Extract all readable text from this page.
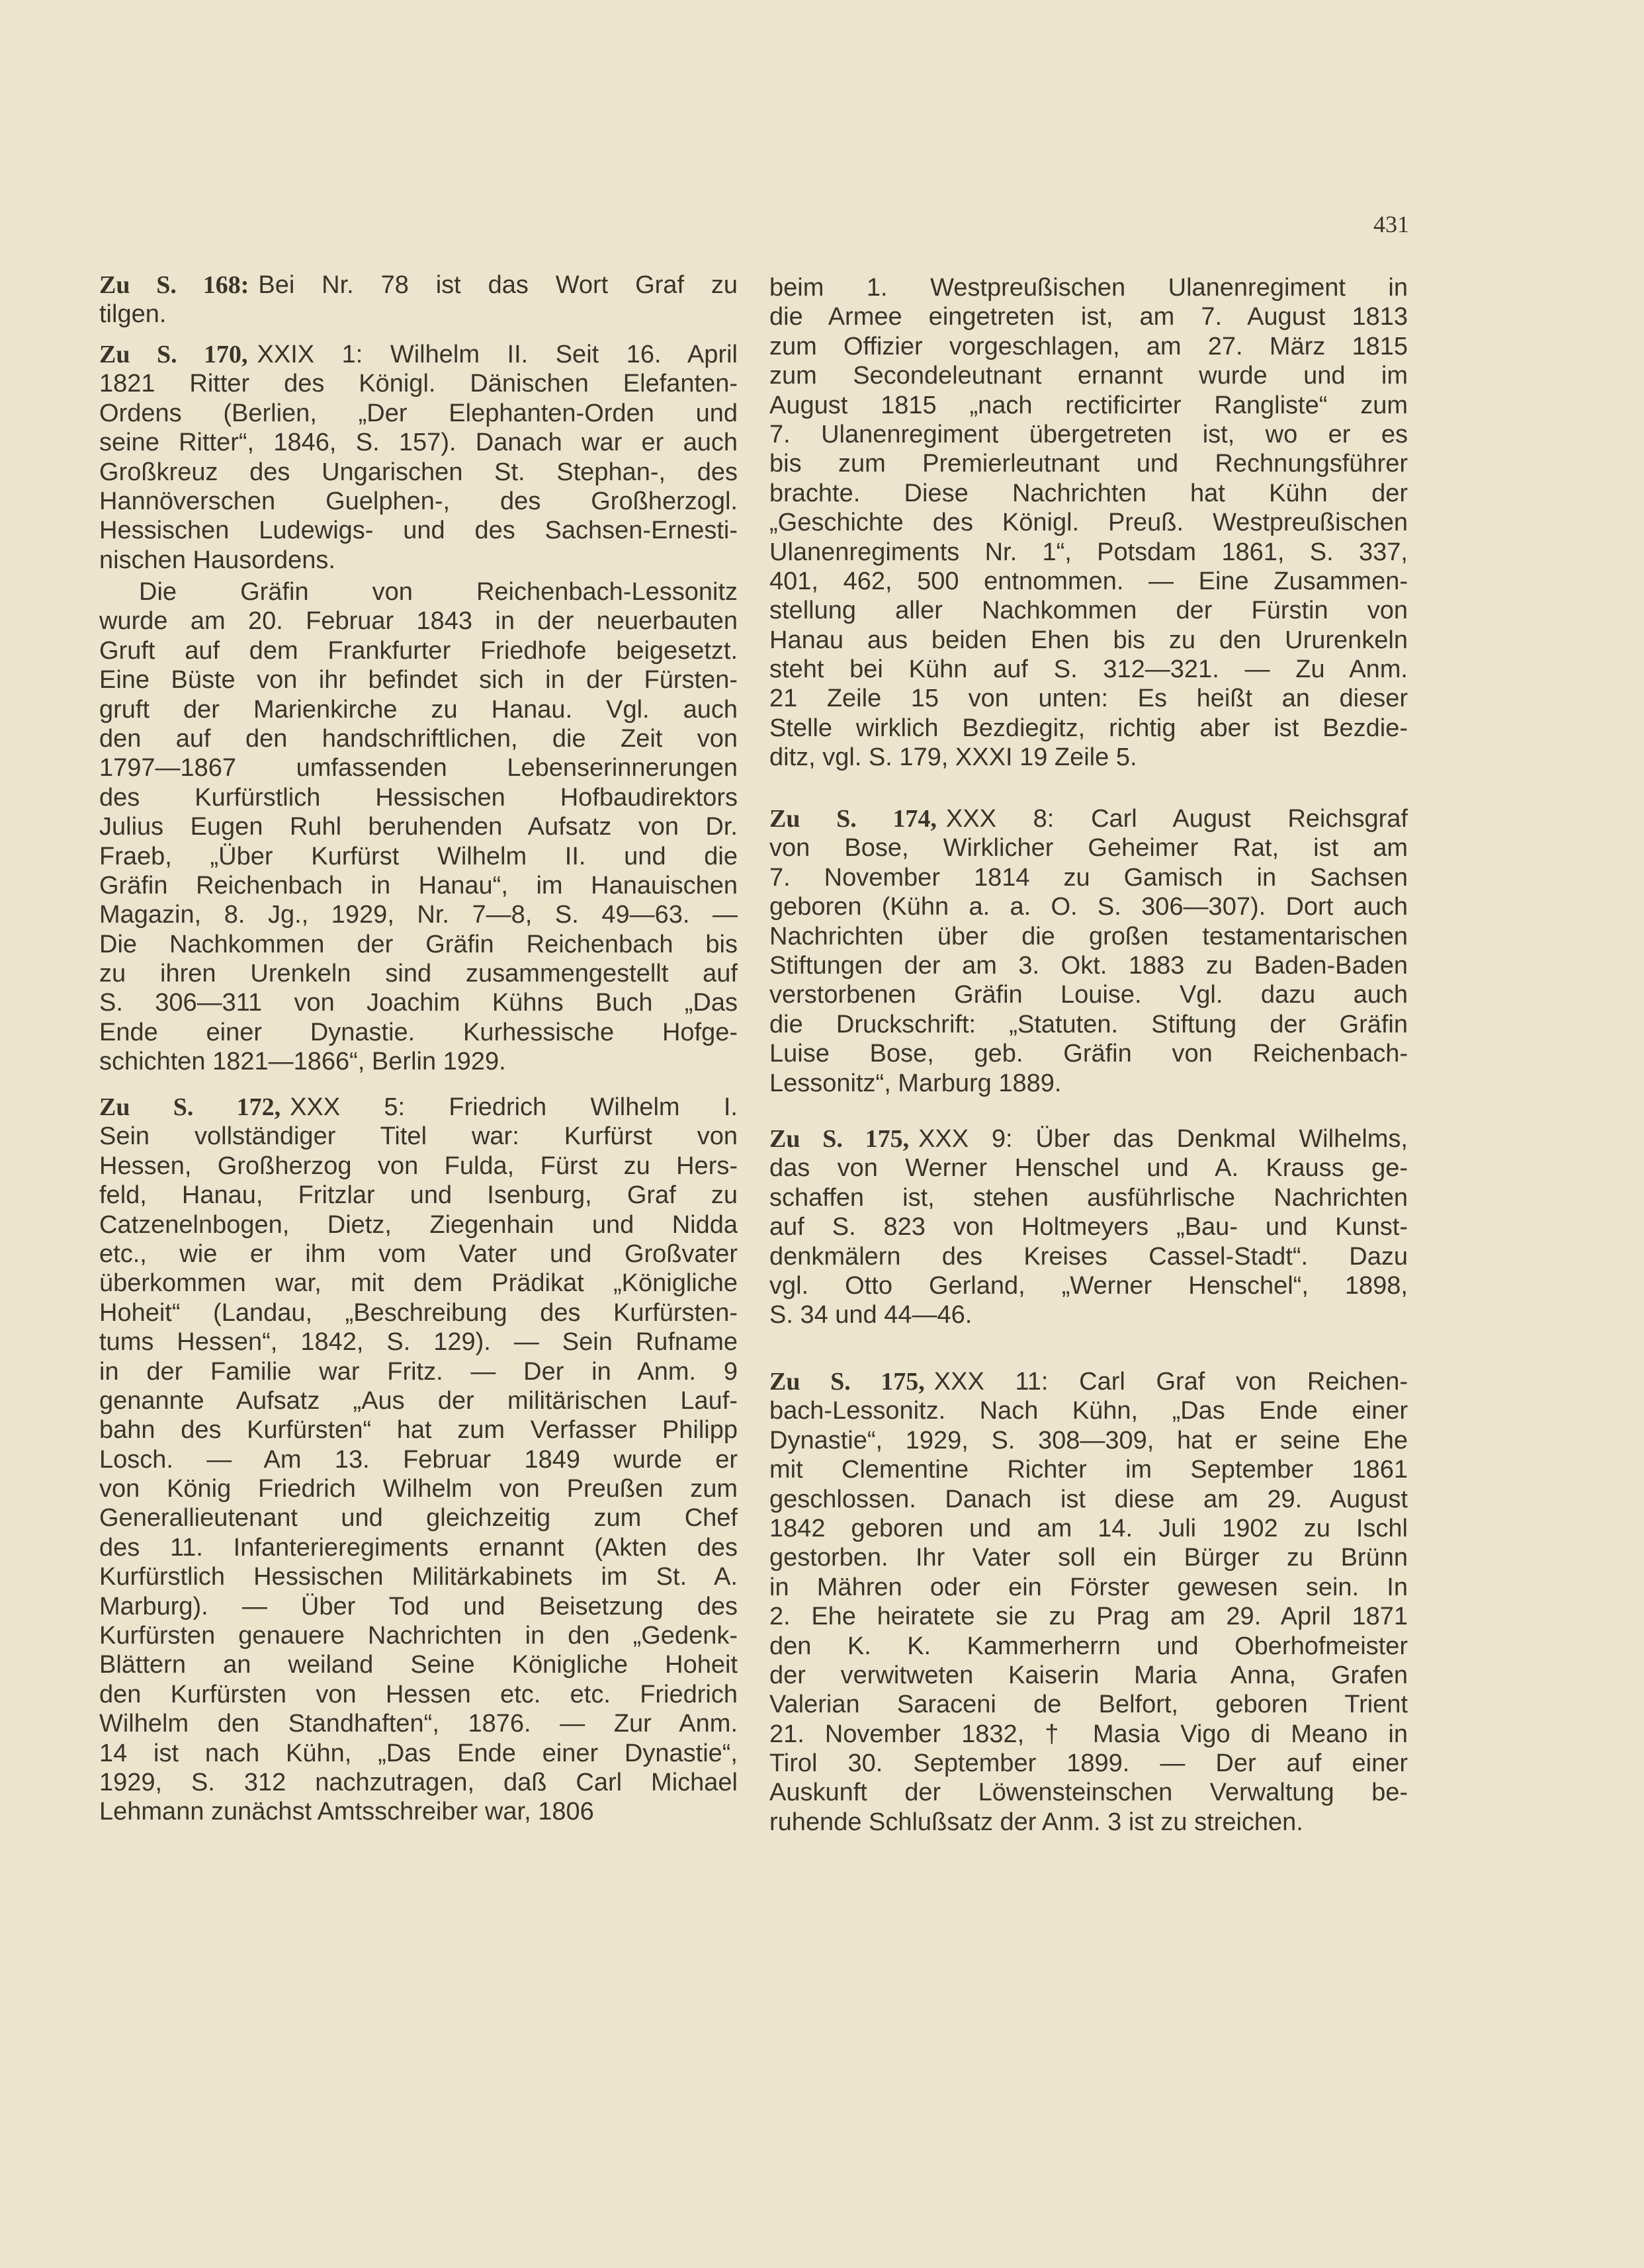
431
Zu S. 168: Bei Nr. 78 ist das Wort Graf zu
tilgen.
Zu S. 170, XXIX 1: Wilhelm II. Seit 16. April
1821 Ritter des Königl. Dänischen Elefanten-
Ordens (Berlien, „Der Elephanten-Orden und
seine Ritter“, 1846, S. 157). Danach war er auch
Großkreuz des Ungarischen St. Stephan-, des
Hannöverschen Guelphen-, des Großherzogl.
Hessischen Ludewigs- und des Sachsen-Ernesti-
nischen Hausordens.
Die Gräfin von Reichenbach-Lessonitz
wurde am 20. Februar 1843 in der neuerbauten
Gruft auf dem Frankfurter Friedhofe beigesetzt.
Eine Büste von ihr befindet sich in der Fürsten-
gruft der Marienkirche zu Hanau. Vgl. auch
den auf den handschriftlichen, die Zeit von
1797—1867 umfassenden Lebenserinnerungen
des Kurfürstlich Hessischen Hofbaudirektors
Julius Eugen Ruhl beruhenden Aufsatz von Dr.
Fraeb, „Über Kurfürst Wilhelm II. und die
Gräfin Reichenbach in Hanau“, im Hanauischen
Magazin, 8. Jg., 1929, Nr. 7—8, S. 49—63. —
Die Nachkommen der Gräfin Reichenbach bis
zu ihren Urenkeln sind zusammengestellt auf
S. 306—311 von Joachim Kühns Buch „Das
Ende einer Dynastie. Kurhessische Hofge-
schichten 1821—1866“, Berlin 1929.
Zu S. 172, XXX 5: Friedrich Wilhelm I.
Sein vollständiger Titel war: Kurfürst von
Hessen, Großherzog von Fulda, Fürst zu Hers-
feld, Hanau, Fritzlar und Isenburg, Graf zu
Catzenelnbogen, Dietz, Ziegenhain und Nidda
etc., wie er ihm vom Vater und Großvater
überkommen war, mit dem Prädikat „Königliche
Hoheit“ (Landau, „Beschreibung des Kurfürsten-
tums Hessen“, 1842, S. 129). — Sein Rufname
in der Familie war Fritz. — Der in Anm. 9
genannte Aufsatz „Aus der militärischen Lauf-
bahn des Kurfürsten“ hat zum Verfasser Philipp
Losch. — Am 13. Februar 1849 wurde er
von König Friedrich Wilhelm von Preußen zum
Generallieutenant und gleichzeitig zum Chef
des 11. Infanterieregiments ernannt (Akten des
Kurfürstlich Hessischen Militärkabinets im St. A.
Marburg). — Über Tod und Beisetzung des
Kurfürsten genauere Nachrichten in den „Gedenk-
Blättern an weiland Seine Königliche Hoheit
den Kurfürsten von Hessen etc. etc. Friedrich
Wilhelm den Standhaften“, 1876. — Zur Anm.
14 ist nach Kühn, „Das Ende einer Dynastie“,
1929, S. 312 nachzutragen, daß Carl Michael
Lehmann zunächst Amtsschreiber war, 1806
beim 1. Westpreußischen Ulanenregiment in
die Armee eingetreten ist, am 7. August 1813
zum Offizier vorgeschlagen, am 27. März 1815
zum Secondeleutnant ernannt wurde und im
August 1815 „nach rectificirter Rangliste“ zum
7. Ulanenregiment übergetreten ist, wo er es
bis zum Premierleutnant und Rechnungsführer
brachte. Diese Nachrichten hat Kühn der
„Geschichte des Königl. Preuß. Westpreußischen
Ulanenregiments Nr. 1“, Potsdam 1861, S. 337,
401, 462, 500 entnommen. — Eine Zusammen-
stellung aller Nachkommen der Fürstin von
Hanau aus beiden Ehen bis zu den Ururenkeln
steht bei Kühn auf S. 312—321. — Zu Anm.
21 Zeile 15 von unten: Es heißt an dieser
Stelle wirklich Bezdiegitz, richtig aber ist Bezdie-
ditz, vgl. S. 179, XXXI 19 Zeile 5.
Zu S. 174, XXX 8: Carl August Reichsgraf
von Bose, Wirklicher Geheimer Rat, ist am
7. November 1814 zu Gamisch in Sachsen
geboren (Kühn a. a. O. S. 306—307). Dort auch
Nachrichten über die großen testamentarischen
Stiftungen der am 3. Okt. 1883 zu Baden-Baden
verstorbenen Gräfin Louise. Vgl. dazu auch
die Druckschrift: „Statuten. Stiftung der Gräfin
Luise Bose, geb. Gräfin von Reichenbach-
Lessonitz“, Marburg 1889.
Zu S. 175, XXX 9: Über das Denkmal Wilhelms,
das von Werner Henschel und A. Krauss ge-
schaffen ist, stehen ausführlische Nachrichten
auf S. 823 von Holtmeyers „Bau- und Kunst-
denkmälern des Kreises Cassel-Stadt“. Dazu
vgl. Otto Gerland, „Werner Henschel“, 1898,
S. 34 und 44—46.
Zu S. 175, XXX 11: Carl Graf von Reichen-
bach-Lessonitz. Nach Kühn, „Das Ende einer
Dynastie“, 1929, S. 308—309, hat er seine Ehe
mit Clementine Richter im September 1861
geschlossen. Danach ist diese am 29. August
1842 geboren und am 14. Juli 1902 zu Ischl
gestorben. Ihr Vater soll ein Bürger zu Brünn
in Mähren oder ein Förster gewesen sein. In
2. Ehe heiratete sie zu Prag am 29. April 1871
den K. K. Kammerherrn und Oberhofmeister
der verwitweten Kaiserin Maria Anna, Grafen
Valerian Saraceni de Belfort, geboren Trient
21. November 1832, † Masia Vigo di Meano in
Tirol 30. September 1899. — Der auf einer
Auskunft der Löwensteinschen Verwaltung be-
ruhende Schlußsatz der Anm. 3 ist zu streichen.
